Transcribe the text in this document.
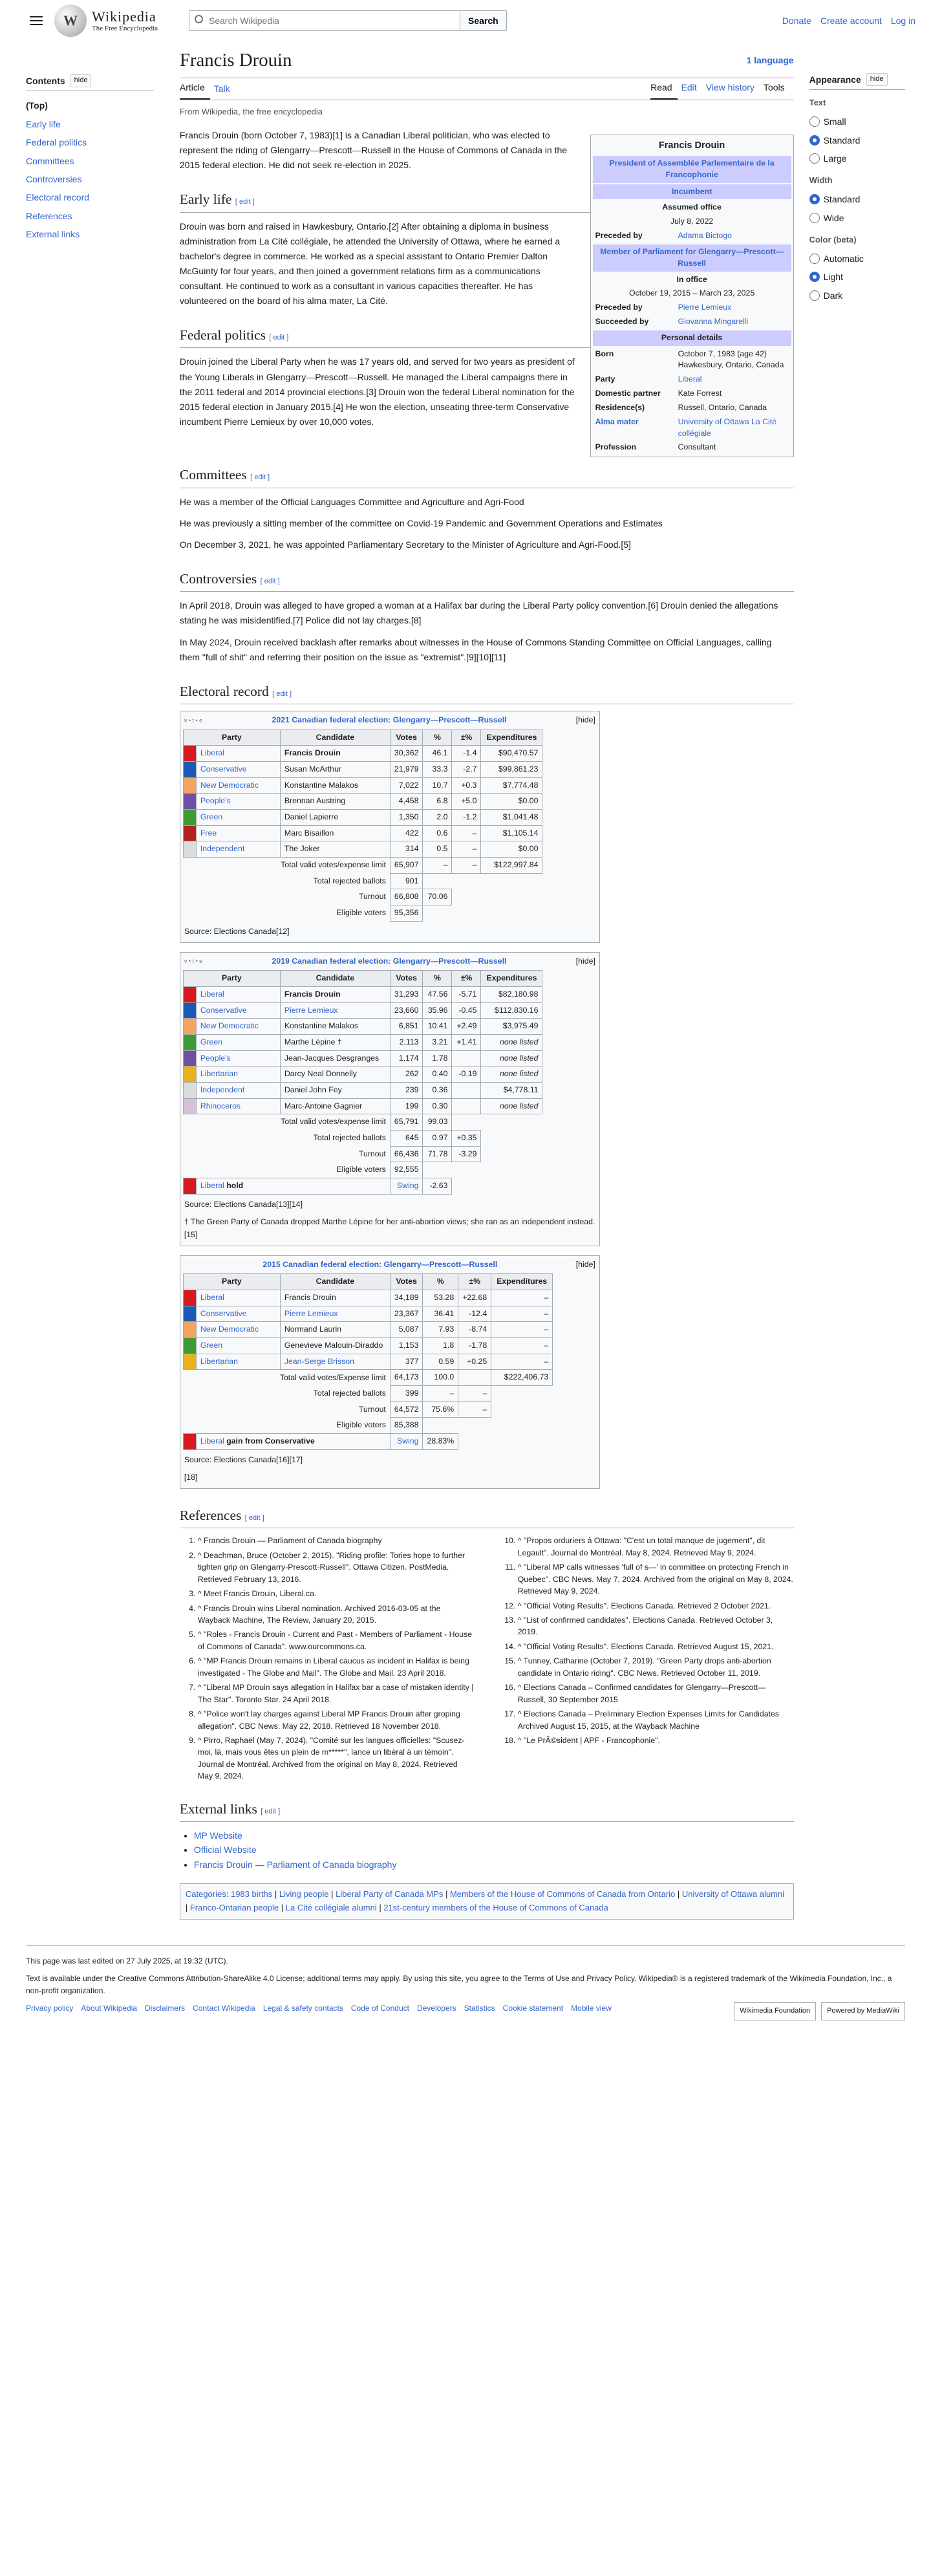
W	Wikipedia
The Free Encyclopedia
Search Wikipedia
Search	Donate Create account Log in
Contents	hide
(Top)
Early life
Federal politics
Committees
Controversies
Electoral record
References
External links
Francis Drouin	1 language
Article	Talk	Read	Edit	View history	Tools
From Wikipedia, the free encyclopedia
Francis Drouin
President of Assemblée Parlementaire de la Francophonie
Incumbent
Assumed office
July 8, 2022
Preceded by	Adama Bictogo
Member of Parliament for Glengarry—Prescott—Russell
In office
October 19, 2015 – March 23, 2025
Preceded by	Pierre Lemieux
Succeeded by	Giovanna Mingarelli
Personal details
Born	October 7, 1983 (age 42) Hawkesbury, Ontario, Canada
Party	Liberal
Domestic partner	Kate Forrest
Residence(s)	Russell, Ontario, Canada
Alma mater	University of Ottawa La Cité collégiale
Profession	Consultant

Francis Drouin (born October 7, 1983)[1] is a Canadian Liberal politician, who was elected to represent the riding of Glengarry—Prescott—Russell in the House of Commons of Canada in the 2015 federal election. He did not seek re-election in 2025.

Early life [ edit ]

Drouin was born and raised in Hawkesbury, Ontario.[2] After obtaining a diploma in business administration from La Cité collégiale, he attended the University of Ottawa, where he earned a bachelor's degree in commerce. He worked as a special assistant to Ontario Premier Dalton McGuinty for four years, and then joined a government relations firm as a communications consultant. He continued to work as a consultant in various capacities thereafter. He has volunteered on the board of his alma mater, La Cité.

Federal politics [ edit ]

Drouin joined the Liberal Party when he was 17 years old, and served for two years as president of the Young Liberals in Glengarry—Prescott—Russell. He managed the Liberal campaigns there in the 2011 federal and 2014 provincial elections.[3] Drouin won the federal Liberal nomination for the 2015 federal election in January 2015.[4] He won the election, unseating three-term Conservative incumbent Pierre Lemieux by over 10,000 votes.

Committees [ edit ]

He was a member of the Official Languages Committee and Agriculture and Agri-Food

He was previously a sitting member of the committee on Covid-19 Pandemic and Government Operations and Estimates

On December 3, 2021, he was appointed Parliamentary Secretary to the Minister of Agriculture and Agri-Food.[5]

Controversies [ edit ]

In April 2018, Drouin was alleged to have groped a woman at a Halifax bar during the Liberal Party policy convention.[6] Drouin denied the allegations stating he was misidentified.[7] Police did not lay charges.[8]

In May 2024, Drouin received backlash after remarks about witnesses in the House of Commons Standing Committee on Official Languages, calling them "full of shit" and referring their position on the issue as "extremist".[9][10][11]

Electoral record [ edit ]
v • t • e	2021 Canadian federal election: Glengarry—Prescott—Russell	[hide]
Party		Candidate	Votes	%	±%	Expenditures
	Liberal	Francis Drouin	30,362	46.1	-1.4	$90,470.57
	Conservative	Susan McArthur	21,979	33.3	-2.7	$99,861.23
	New Democratic	Konstantine Malakos	7,022	10.7	+0.3	$7,774.48
	People's	Brennan Austring	4,458	6.8	+5.0	$0.00
	Green	Daniel Lapierre	1,350	2.0	-1.2	$1,041.48
	Free	Marc Bisaillon	422	0.6	–	$1,105.14
	Independent	The Joker	314	0.5	–	$0.00
Total valid votes/expense limit			65,907	–	–	$122,997.84
Total rejected ballots			901			
Turnout			66,808	70.06		
Eligible voters			95,356			
Source: Elections Canada[12]
v • t • e	2019 Canadian federal election: Glengarry—Prescott—Russell	[hide]
Party		Candidate	Votes	%	±%	Expenditures
	Liberal	Francis Drouin	31,293	47.56	-5.71	$82,180.98
	Conservative	Pierre Lemieux	23,660	35.96	-0.45	$112,830.16
	New Democratic	Konstantine Malakos	6,851	10.41	+2.49	$3,975.49
	Green	Marthe Lépine †	2,113	3.21	+1.41	none listed
	People's	Jean-Jacques Desgranges	1,174	1.78		none listed
	Libertarian	Darcy Neal Donnelly	262	0.40	-0.19	none listed
	Independent	Daniel John Fey	239	0.36		$4,778.11
	Rhinoceros	Marc-Antoine Gagnier	199	0.30		none listed
Total valid votes/expense limit			65,791	99.03		
Total rejected ballots			645	0.97	+0.35	
Turnout			66,436	71.78	-3.29	
Eligible voters			92,555			
	Liberal hold		Swing	-2.63		
Source: Elections Canada[13][14]
† The Green Party of Canada dropped Marthe Lépine for her anti-abortion views; she ran as an independent instead.[15]
2015 Canadian federal election: Glengarry—Prescott—Russell	[hide]
Party		Candidate	Votes	%	±%	Expenditures
	Liberal	Francis Drouin	34,189	53.28	+22.68	–
	Conservative	Pierre Lemieux	23,367	36.41	-12.4	–
	New Democratic	Normand Laurin	5,087	7.93	-8.74	–
	Green	Genevieve Malouin-Diraddo	1,153	1.8	-1.78	–
	Libertarian	Jean-Serge Brisson	377	0.59	+0.25	–
Total valid votes/Expense limit			64,173	100.0		$222,406.73
Total rejected ballots			399	–	–	
Turnout			64,572	75.6%	–	
Eligible voters			85,388			
	Liberal gain from Conservative		Swing	28.83%		
Source: Elections Canada[16][17]
[18]
References [ edit ]
1. ^ Francis Drouin — Parliament of Canada biography
2. ^ Deachman, Bruce (October 2, 2015). "Riding profile: Tories hope to further tighten grip on Glengarry-Prescott-Russell". Ottawa Citizen. PostMedia. Retrieved February 13, 2016.
3. ^ Meet Francis Drouin, Liberal.ca.
4. ^ Francis Drouin wins Liberal nomination. Archived 2016-03-05 at the Wayback Machine, The Review, January 20, 2015.
5. ^ "Roles - Francis Drouin - Current and Past - Members of Parliament - House of Commons of Canada". www.ourcommons.ca.
6. ^ "MP Francis Drouin remains in Liberal caucus as incident in Halifax is being investigated - The Globe and Mail". The Globe and Mail. 23 April 2018.
7. ^ "Liberal MP Drouin says allegation in Halifax bar a case of mistaken identity | The Star". Toronto Star. 24 April 2018.
8. ^ "Police won't lay charges against Liberal MP Francis Drouin after groping allegation". CBC News. May 22, 2018. Retrieved 18 November 2018.
9. ^ Pirro, Raphaël (May 7, 2024). "Comité sur les langues officielles: "Scusez-moi, là, mais vous êtes un plein de m*****", lance un libéral à un témoin". Journal de Montréal. Archived from the original on May 8, 2024. Retrieved May 9, 2024.
10. ^ "Propos orduriers à Ottawa: "C'est un total manque de jugement", dit Legault". Journal de Montréal. May 8, 2024. Retrieved May 9, 2024.
11. ^ "Liberal MP calls witnesses 'full of s—' in committee on protecting French in Quebec". CBC News. May 7, 2024. Archived from the original on May 8, 2024. Retrieved May 9, 2024.
12. ^ "Official Voting Results". Elections Canada. Retrieved 2 October 2021.
13. ^ "List of confirmed candidates". Elections Canada. Retrieved October 3, 2019.
14. ^ "Official Voting Results". Elections Canada. Retrieved August 15, 2021.
15. ^ Tunney, Catharine (October 7, 2019). "Green Party drops anti-abortion candidate in Ontario riding". CBC News. Retrieved October 11, 2019.
16. ^ Elections Canada – Confirmed candidates for Glengarry—Prescott—Russell, 30 September 2015
17. ^ Elections Canada – Preliminary Election Expenses Limits for Candidates Archived August 15, 2015, at the Wayback Machine
18. ^ "Le PrÃ©sident | APF - Francophonie".
External links [ edit ]
• MP Website
• Official Website
• Francis Drouin — Parliament of Canada biography
Categories: 1983 births | Living people | Liberal Party of Canada MPs | Members of the House of Commons of Canada from Ontario | University of Ottawa alumni | Franco-Ontarian people | La Cité collégiale alumni | 21st-century members of the House of Commons of Canada
Appearance	hide
Text
Small
Standard
Large
Width
Standard
Wide
Color (beta)
Automatic
Light
Dark

This page was last edited on 27 July 2025, at 19:32 (UTC).

Text is available under the Creative Commons Attribution-ShareAlike 4.0 License; additional terms may apply. By using this site, you agree to the Terms of Use and Privacy Policy. Wikipedia® is a registered trademark of the Wikimedia Foundation, Inc., a non-profit organization.

Wikimedia Foundation	Powered by MediaWiki
Privacy policy About Wikipedia Disclaimers Contact Wikipedia Legal & safety contacts Code of Conduct Developers Statistics Cookie statement Mobile view
